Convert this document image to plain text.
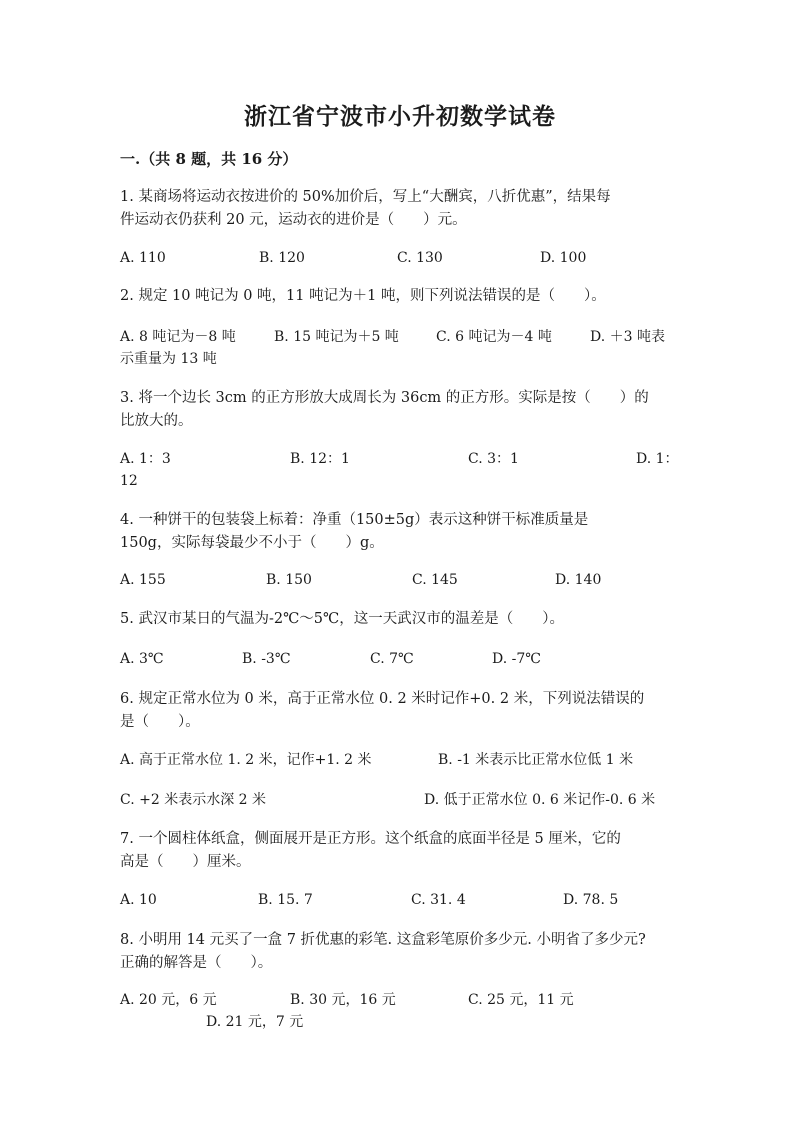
浙江省宁波市小升初数学试卷
一.（共 8 题，共 16 分）
1. 某商场将运动衣按进价的 50%加价后，写上“大酬宾，八折优惠”，结果每
件运动衣仍获利 20 元，运动衣的进价是（　　）元。
A. 110	B. 120	C. 130	D. 100
2. 规定 10 吨记为 0 吨，11 吨记为＋1 吨，则下列说法错误的是（　　）。
A. 8 吨记为－8 吨	B. 15 吨记为＋5 吨	C. 6 吨记为－4 吨	D. ＋3 吨表
示重量为 13 吨
3. 将一个边长 3cm 的正方形放大成周长为 36cm 的正方形。实际是按（　　）的
比放大的。
A. 1：3	B. 12：1	C. 3：1	D. 1：
12
4. 一种饼干的包装袋上标着：净重（150±5g）表示这种饼干标准质量是
150g，实际每袋最少不小于（　　）g。
A. 155	B. 150	C. 145	D. 140
5. 武汉市某日的气温为-2℃～5℃，这一天武汉市的温差是（　　）。
A. 3℃	B. -3℃	C. 7℃	D. -7℃
6. 规定正常水位为 0 米，高于正常水位 0. 2 米时记作+0. 2 米，下列说法错误的
是（　　）。
A. 高于正常水位 1. 2 米，记作+1. 2 米	B. -1 米表示比正常水位低 1 米
C. +2 米表示水深 2 米	D. 低于正常水位 0. 6 米记作-0. 6 米
7. 一个圆柱体纸盒，侧面展开是正方形。这个纸盒的底面半径是 5 厘米，它的
高是（　　）厘米。
A. 10	B. 15. 7	C. 31. 4	D. 78. 5
8. 小明用 14 元买了一盒 7 折优惠的彩笔. 这盒彩笔原价多少元. 小明省了多少元?
正确的解答是（　　）。
A. 20 元，6 元	B. 30 元，16 元	C. 25 元，11 元
D. 21 元，7 元
